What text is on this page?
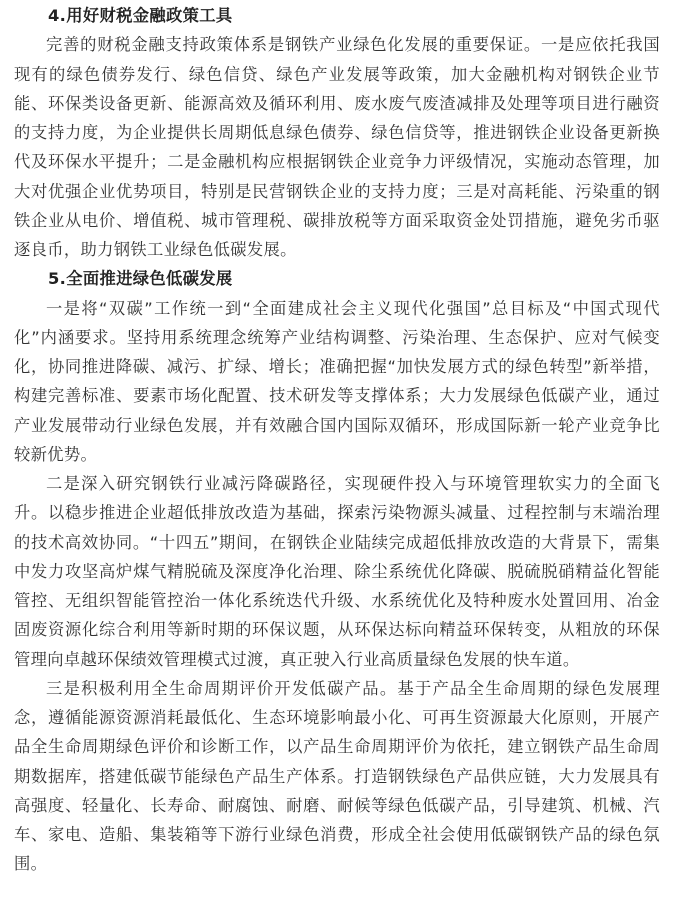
4.用好财税金融政策工具

完善的财税金融支持政策体系是钢铁产业绿色化发展的重要保证。一是应依托我国现有的绿色债券发行、绿色信贷、绿色产业发展等政策，加大金融机构对钢铁企业节能、环保类设备更新、能源高效及循环利用、废水废气废渣减排及处理等项目进行融资的支持力度，为企业提供长周期低息绿色债券、绿色信贷等，推进钢铁企业设备更新换代及环保水平提升；二是金融机构应根据钢铁企业竞争力评级情况，实施动态管理，加大对优强企业优势项目，特别是民营钢铁企业的支持力度；三是对高耗能、污染重的钢铁企业从电价、增值税、城市管理税、碳排放税等方面采取资金处罚措施，避免劣币驱逐良币，助力钢铁工业绿色低碳发展。

5.全面推进绿色低碳发展

一是将“双碳”工作统一到“全面建成社会主义现代化强国”总目标及“中国式现代化”内涵要求。坚持用系统理念统筹产业结构调整、污染治理、生态保护、应对气候变化，协同推进降碳、减污、扩绿、增长；准确把握“加快发展方式的绿色转型”新举措，构建完善标准、要素市场化配置、技术研发等支撑体系；大力发展绿色低碳产业，通过产业发展带动行业绿色发展，并有效融合国内国际双循环，形成国际新一轮产业竞争比较新优势。

二是深入研究钢铁行业减污降碳路径，实现硬件投入与环境管理软实力的全面飞升。以稳步推进企业超低排放改造为基础，探索污染物源头减量、过程控制与末端治理的技术高效协同。“十四五”期间，在钢铁企业陆续完成超低排放改造的大背景下，需集中发力攻坚高炉煤气精脱硫及深度净化治理、除尘系统优化降碳、脱硫脱硝精益化智能管控、无组织智能管控治一体化系统迭代升级、水系统优化及特种废水处置回用、冶金固废资源化综合利用等新时期的环保议题，从环保达标向精益环保转变，从粗放的环保管理向卓越环保绩效管理模式过渡，真正驶入行业高质量绿色发展的快车道。

三是积极利用全生命周期评价开发低碳产品。基于产品全生命周期的绿色发展理念，遵循能源资源消耗最低化、生态环境影响最小化、可再生资源最大化原则，开展产品全生命周期绿色评价和诊断工作，以产品生命周期评价为依托，建立钢铁产品生命周期数据库，搭建低碳节能绿色产品生产体系。打造钢铁绿色产品供应链，大力发展具有高强度、轻量化、长寿命、耐腐蚀、耐磨、耐候等绿色低碳产品，引导建筑、机械、汽车、家电、造船、集装箱等下游行业绿色消费，形成全社会使用低碳钢铁产品的绿色氛围。
